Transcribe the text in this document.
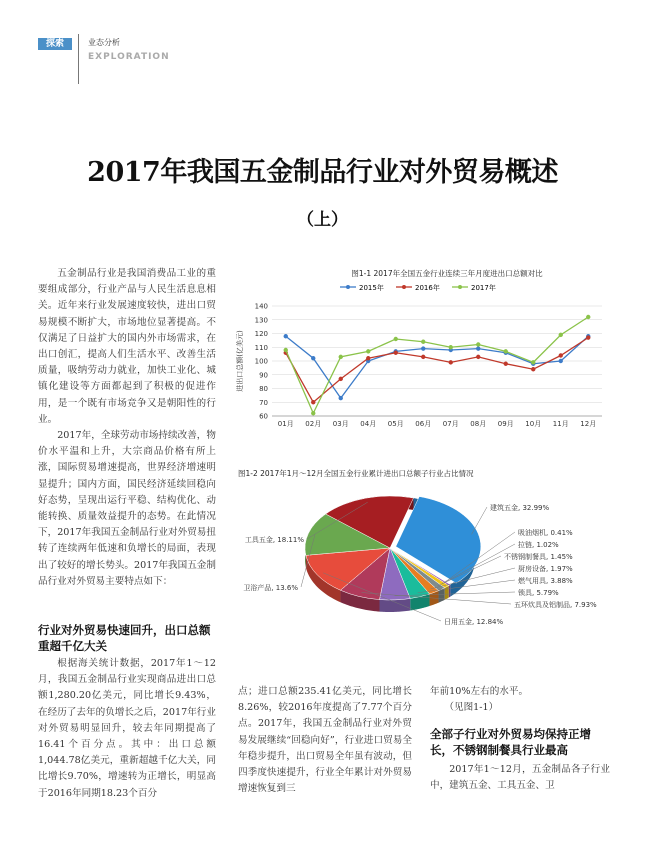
探索	业态分析
EXPLORATION
2017年我国五金制品行业对外贸易概述
（上）

五金制品行业是我国消费品工业的重要组成部分，行业产品与人民生活息息相关。近年来行业发展速度较快，进出口贸易规模不断扩大，市场地位显著提高。不仅满足了日益扩大的国内外市场需求，在出口创汇，提高人们生活水平、改善生活质量，吸纳劳动力就业，加快工业化、城镇化建设等方面都起到了积极的促进作用，是一个既有市场竞争又是朝阳性的行业。

2017年，全球劳动市场持续改善，物价水平温和上升，大宗商品价格有所上涨，国际贸易增速提高，世界经济增速明显提升；国内方面，国民经济延续回稳向好态势，呈现出运行平稳、结构优化、动能转换、质量效益提升的态势。在此情况下，2017年我国五金制品行业对外贸易扭转了连续两年低速和负增长的局面，表现出了较好的增长势头。2017年我国五金制品行业对外贸易主要特点如下：

行业对外贸易快速回升，出口总额重超千亿大关

根据海关统计数据，2017年1～12月，我国五金制品行业实现商品进出口总额1,280.20亿美元，同比增长9.43%，在经历了去年的负增长之后，2017年行业对外贸易明显回升，较去年同期提高了16.41个百分点。其中：出口总额1,044.78亿美元，重新超越千亿大关，同比增长9.70%，增速转为正增长，明显高于2016年同期18.23个百分

图1-1 2017年全国五金行业连续三年月度进出口总额对比
2015年	2016年	2017年
60
70
80
90
100
110
120
130
140
01月 02月 03月 04月 05月 06月 07月 08月 09月 10月 11月 12月
进出口总额(亿美元)
图1-2 2017年1月～12月全国五金行业累计进出口总额子行业占比情况
建筑五金, 32.99%
吸油烟机, 0.41%
拉链, 1.02%
不锈钢制餐具, 1.45%
厨房设备, 1.97%
燃气用具, 3.88%
锁具, 5.79%
五环炊具及铝制品, 7.93%
日用五金, 12.84%
卫浴产品, 13.6%
工具五金, 18.11%

点；进口总额235.41亿美元，同比增长8.26%，较2016年度提高了7.77个百分点。2017年，我国五金制品行业对外贸易发展继续“回稳向好”，行业进口贸易全年稳步提升，出口贸易全年虽有波动，但四季度快速提升，行业全年累计对外贸易增速恢复到三

年前10%左右的水平。

（见图1-1）

全部子行业对外贸易均保持正增长，不锈钢制餐具行业最高

2017年1～12月，五金制品各子行业中，建筑五金、工具五金、卫
